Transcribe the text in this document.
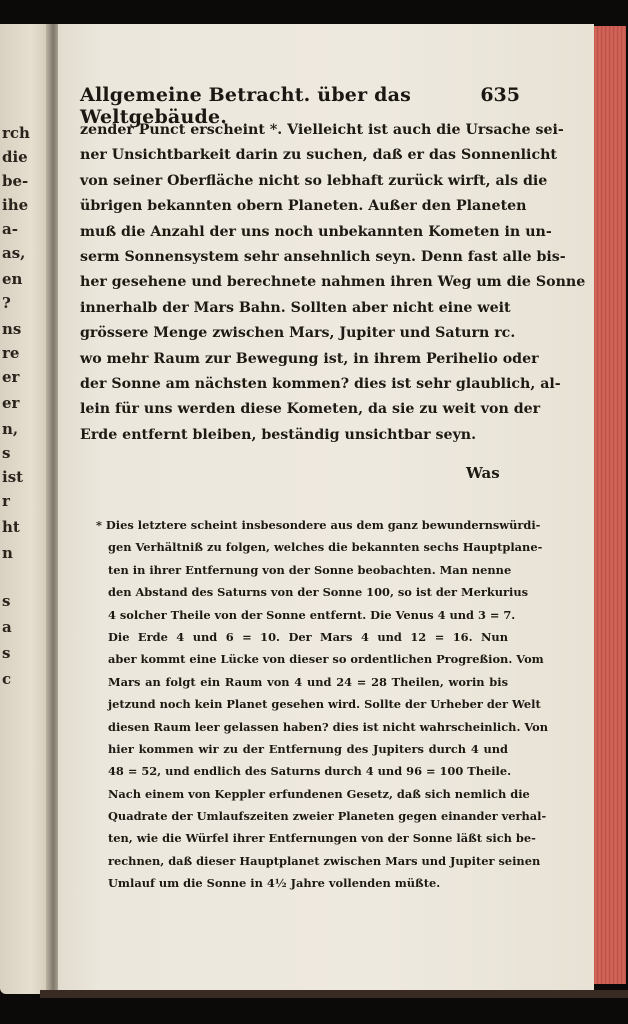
rch
die
be-
ihe
a-
as,
en
?
ns
re
er
er
n,
s
ist
r
ht
n
s
a
s
c
Allgemeine Betracht. über das Weltgebäude.
635
zender Punct erscheint *. Vielleicht ist auch die Ursache sei-
ner Unsichtbarkeit darin zu suchen, daß er das Sonnenlicht
von seiner Oberfläche nicht so lebhaft zurück wirft, als die
übrigen bekannten obern Planeten. Außer den Planeten
muß die Anzahl der uns noch unbekannten Kometen in un-
serm Sonnensystem sehr ansehnlich seyn. Denn fast alle bis-
her gesehene und berechnete nahmen ihren Weg um die Sonne
innerhalb der Mars Bahn. Sollten aber nicht eine weit
grössere Menge zwischen Mars, Jupiter und Saturn rc.
wo mehr Raum zur Bewegung ist, in ihrem Perihelio oder
der Sonne am nächsten kommen? dies ist sehr glaublich, al-
lein für uns werden diese Kometen, da sie zu weit von der
Erde entfernt bleiben, beständig unsichtbar seyn.
Was
* Dies letztere scheint insbesondere aus dem ganz bewundernswürdi-
gen Verhältniß zu folgen, welches die bekannten sechs Hauptplane-
ten in ihrer Entfernung von der Sonne beobachten. Man nenne
den Abstand des Saturns von der Sonne 100, so ist der Merkurius
4 solcher Theile von der Sonne entfernt. Die Venus 4 und 3 = 7.
Die Erde 4 und 6 = 10. Der Mars 4 und 12 = 16. Nun
aber kommt eine Lücke von dieser so ordentlichen Progreßion. Vom
Mars an folgt ein Raum von 4 und 24 = 28 Theilen, worin bis
jetzund noch kein Planet gesehen wird. Sollte der Urheber der Welt
diesen Raum leer gelassen haben? dies ist nicht wahrscheinlich. Von
hier kommen wir zu der Entfernung des Jupiters durch 4 und
48 = 52, und endlich des Saturns durch 4 und 96 = 100 Theile.
Nach einem von Keppler erfundenen Gesetz, daß sich nemlich die
Quadrate der Umlaufszeiten zweier Planeten gegen einander verhal-
ten, wie die Würfel ihrer Entfernungen von der Sonne läßt sich be-
rechnen, daß dieser Hauptplanet zwischen Mars und Jupiter seinen
Umlauf um die Sonne in 4½ Jahre vollenden müßte.
